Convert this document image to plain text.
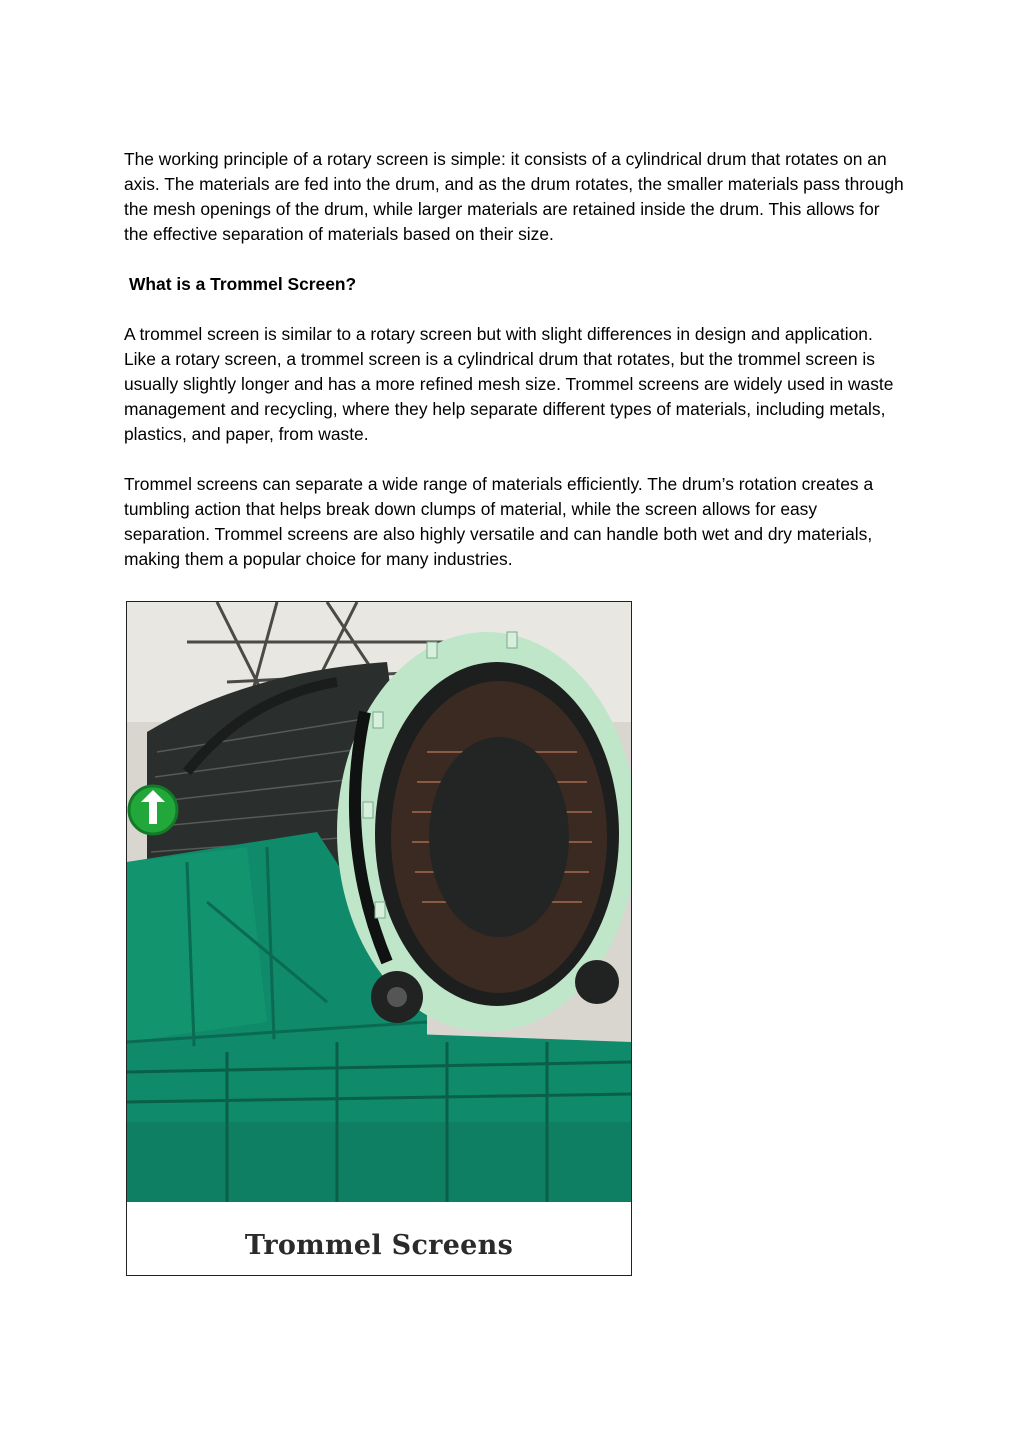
The working principle of a rotary screen is simple: it consists of a cylindrical drum that rotates on an axis. The materials are fed into the drum, and as the drum rotates, the smaller materials pass through the mesh openings of the drum, while larger materials are retained inside the drum. This allows for the effective separation of materials based on their size.

What is a Trommel Screen?

A trommel screen is similar to a rotary screen but with slight differences in design and application. Like a rotary screen, a trommel screen is a cylindrical drum that rotates, but the trommel screen is usually slightly longer and has a more refined mesh size. Trommel screens are widely used in waste management and recycling, where they help separate different types of materials, including metals, plastics, and paper, from waste.

Trommel screens can separate a wide range of materials efficiently. The drum’s rotation creates a tumbling action that helps break down clumps of material, while the screen allows for easy separation. Trommel screens are also highly versatile and can handle both wet and dry materials, making them a popular choice for many industries.

Trommel Screens
